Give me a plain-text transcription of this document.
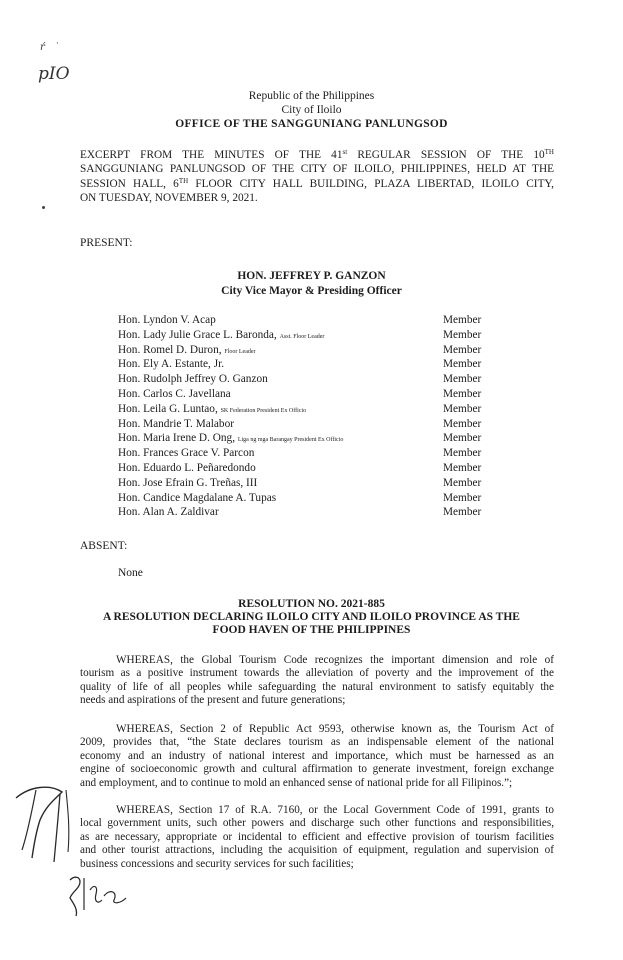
ŕ ˙
pIO
Republic of the Philippines
City of Iloilo
OFFICE OF THE SANGGUNIANG PANLUNGSOD
EXCERPT FROM THE MINUTES OF THE 41st REGULAR SESSION OF THE 10TH
SANGGUNIANG PANLUNGSOD OF THE CITY OF ILOILO, PHILIPPINES, HELD AT THE
SESSION HALL, 6TH FLOOR CITY HALL BUILDING, PLAZA LIBERTAD, ILOILO CITY,
ON TUESDAY, NOVEMBER 9, 2021.
PRESENT:
HON. JEFFREY P. GANZON
City Vice Mayor & Presiding Officer
Hon. Lyndon V. Acap	Member
Hon. Lady Julie Grace L. Baronda, Asst. Floor Leader	Member
Hon. Romel D. Duron, Floor Leader	Member
Hon. Ely A. Estante, Jr.	Member
Hon. Rudolph Jeffrey O. Ganzon	Member
Hon. Carlos C. Javellana	Member
Hon. Leila G. Luntao, SK Federation President Ex Officio	Member
Hon. Mandrie T. Malabor	Member
Hon. Maria Irene D. Ong, Liga ng mga Barangay President Ex Officio	Member
Hon. Frances Grace V. Parcon	Member
Hon. Eduardo L. Peñaredondo	Member
Hon. Jose Efrain G. Treñas, III	Member
Hon. Candice Magdalane A. Tupas	Member
Hon. Alan A. Zaldivar	Member
ABSENT:
None
RESOLUTION NO. 2021-885
A RESOLUTION DECLARING ILOILO CITY AND ILOILO PROVINCE AS THE
FOOD HAVEN OF THE PHILIPPINES
WHEREAS, the Global Tourism Code recognizes the important dimension and role of
tourism as a positive instrument towards the alleviation of poverty and the improvement of the
quality of life of all peoples while safeguarding the natural environment to satisfy equitably the
needs and aspirations of the present and future generations;
WHEREAS, Section 2 of Republic Act 9593, otherwise known as, the Tourism Act of
2009, provides that, “the State declares tourism as an indispensable element of the national
economy and an industry of national interest and importance, which must be harnessed as an
engine of socioeconomic growth and cultural affirmation to generate investment, foreign exchange
and employment, and to continue to mold an enhanced sense of national pride for all Filipinos.”;
WHEREAS, Section 17 of R.A. 7160, or the Local Government Code of 1991, grants to
local government units, such other powers and discharge such other functions and responsibilities,
as are necessary, appropriate or incidental to efficient and effective provision of tourism facilities
and other tourist attractions, including the acquisition of equipment, regulation and supervision of
business concessions and security services for such facilities;
